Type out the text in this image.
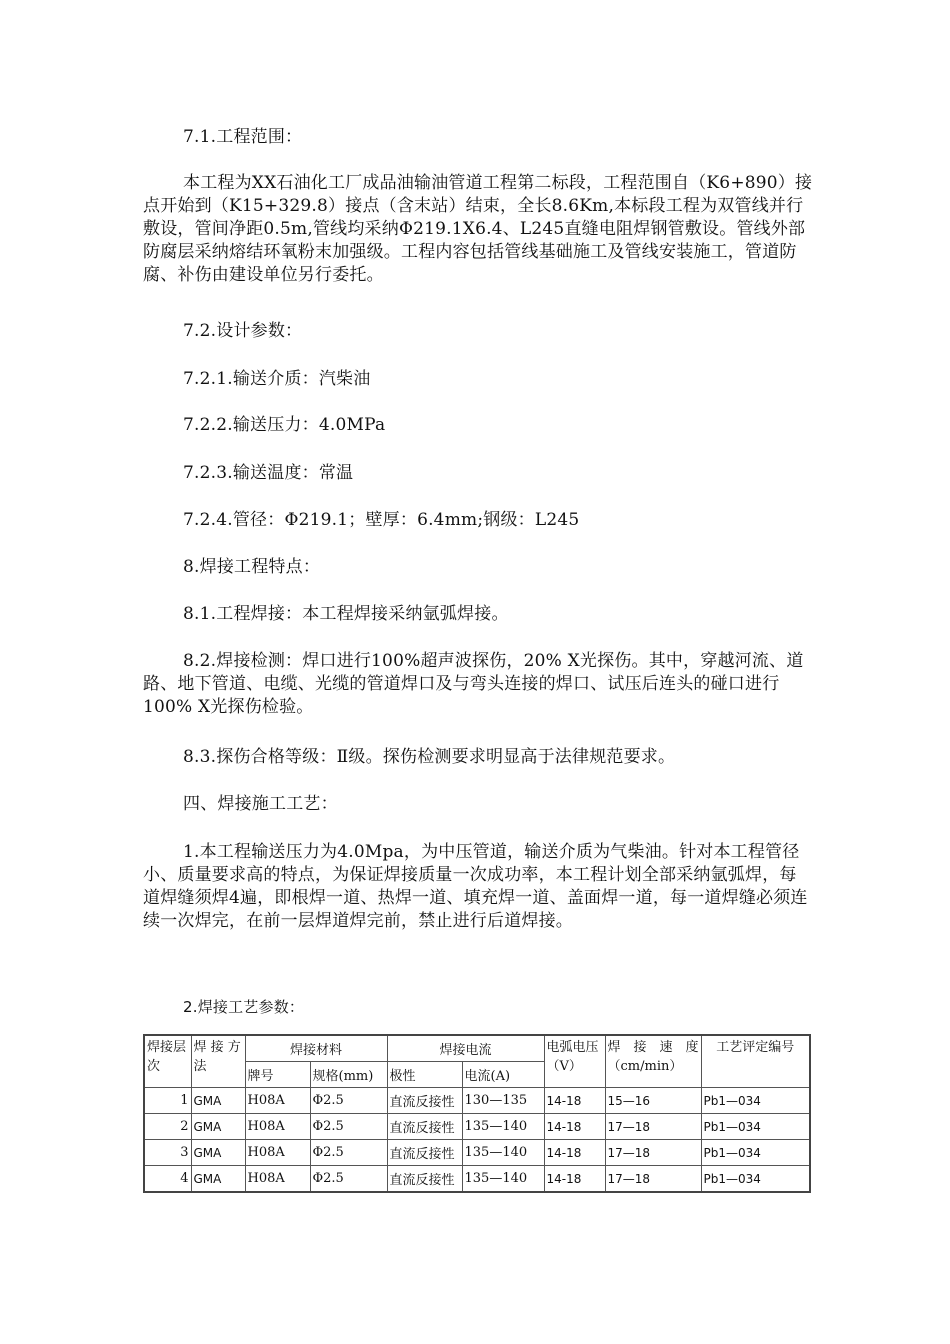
7.1.工程范围：

本工程为XX石油化工厂成品油输油管道工程第二标段，工程范围自（K6+890）接点开始到（K15+329.8）接点（含末站）结束，全长8.6Km,本标段工程为双管线并行敷设，管间净距0.5m,管线均采纳Φ219.1X6.4、L245直缝电阻焊钢管敷设。管线外部防腐层采纳熔结环氧粉末加强级。工程内容包括管线基础施工及管线安装施工，管道防腐、补伤由建设单位另行委托。

7.2.设计参数：

7.2.1.输送介质：汽柴油

7.2.2.输送压力：4.0MPa

7.2.3.输送温度：常温

7.2.4.管径：Φ219.1；壁厚：6.4mm;钢级：L245

8.焊接工程特点：

8.1.工程焊接：本工程焊接采纳氩弧焊接。

8.2.焊接检测：焊口进行100%超声波探伤，20% X光探伤。其中，穿越河流、道路、地下管道、电缆、光缆的管道焊口及与弯头连接的焊口、试压后连头的碰口进行100% X光探伤检验。

8.3.探伤合格等级：Ⅱ级。探伤检测要求明显高于法律规范要求。

四、焊接施工工艺：

1.本工程输送压力为4.0Mpa，为中压管道，输送介质为气柴油。针对本工程管径小、质量要求高的特点，为保证焊接质量一次成功率，本工程计划全部采纳氩弧焊，每道焊缝须焊4遍，即根焊一道、热焊一道、填充焊一道、盖面焊一道，每一道焊缝必须连续一次焊完，在前一层焊道焊完前，禁止进行后道焊接。

2.焊接工艺参数：

焊接层次	焊 接 方法	焊接材料		焊接电流		电弧电压（V）	焊　接　速　度（cm/min）	工艺评定编号
		牌号	规格(mm)	极性	电流(A)			
1	GMA	H08A	Φ2.5	直流反接性	130—135	14-18	15—16	Pb1—034
2	GMA	H08A	Φ2.5	直流反接性	135—140	14-18	17—18	Pb1—034
3	GMA	H08A	Φ2.5	直流反接性	135—140	14-18	17—18	Pb1—034
4	GMA	H08A	Φ2.5	直流反接性	135—140	14-18	17—18	Pb1—034
